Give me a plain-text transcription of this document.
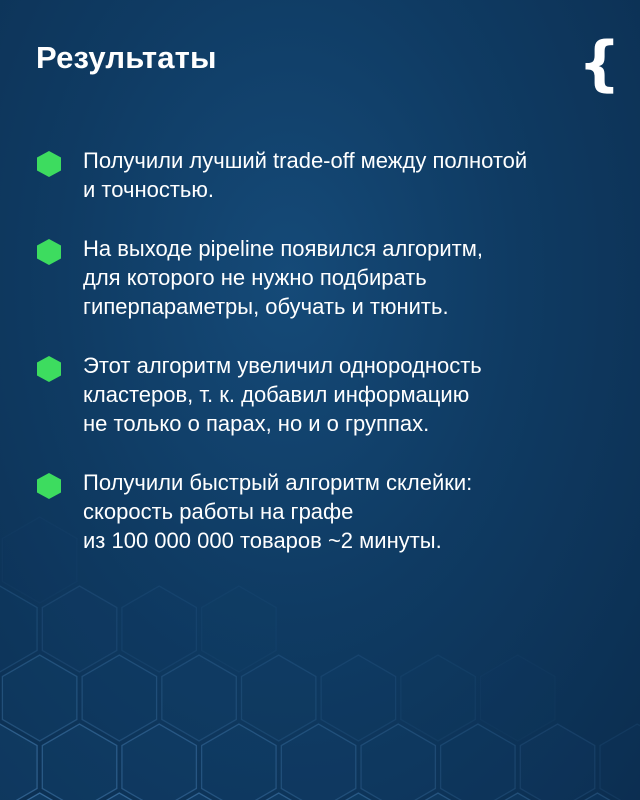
Результаты	{
Получили лучший trade-off между полнотой
и точностью.
На выходе pipeline появился алгоритм,
для которого не нужно подбирать
гиперпараметры, обучать и тюнить.
Этот алгоритм увеличил однородность
кластеров, т. к. добавил информацию
не только о парах, но и о группах.
Получили быстрый алгоритм склейки:
скорость работы на графе
из 100 000 000 товаров ~2 минуты.
